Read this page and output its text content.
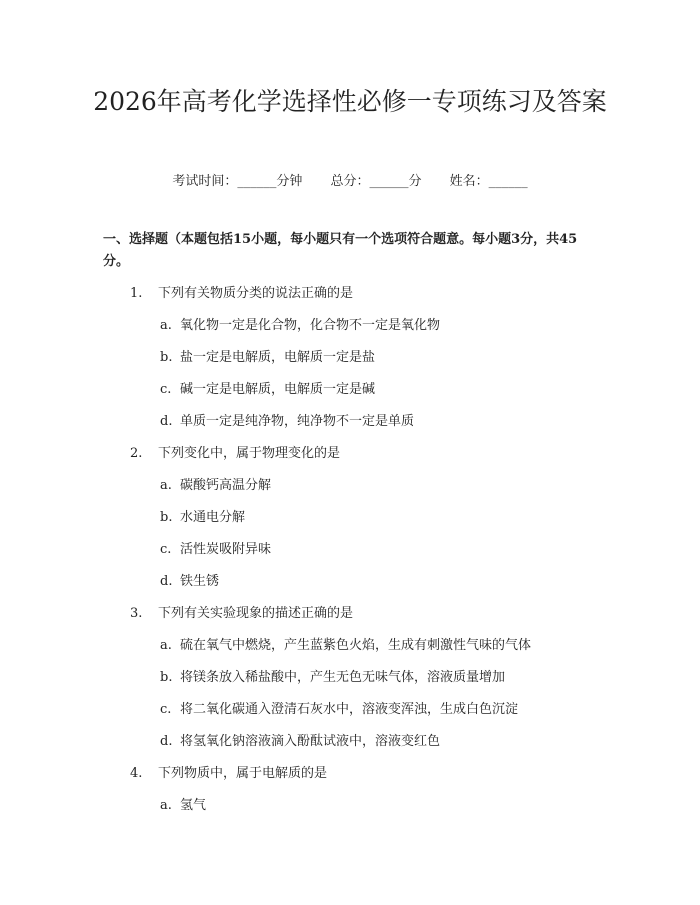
2026年高考化学选择性必修一专项练习及答案
考试时间：______分钟 总分：______分 姓名：______

一、选择题（本题包括15小题，每小题只有一个选项符合题意。每小题3分，共45分。

1. 下列有关物质分类的说法正确的是
a. 氧化物一定是化合物，化合物不一定是氧化物
b. 盐一定是电解质，电解质一定是盐
c. 碱一定是电解质，电解质一定是碱
d. 单质一定是纯净物，纯净物不一定是单质
2. 下列变化中，属于物理变化的是
a. 碳酸钙高温分解
b. 水通电分解
c. 活性炭吸附异味
d. 铁生锈
3. 下列有关实验现象的描述正确的是
a. 硫在氧气中燃烧，产生蓝紫色火焰，生成有刺激性气味的气体
b. 将镁条放入稀盐酸中，产生无色无味气体，溶液质量增加
c. 将二氧化碳通入澄清石灰水中，溶液变浑浊，生成白色沉淀
d. 将氢氧化钠溶液滴入酚酞试液中，溶液变红色
4. 下列物质中，属于电解质的是
a. 氢气
